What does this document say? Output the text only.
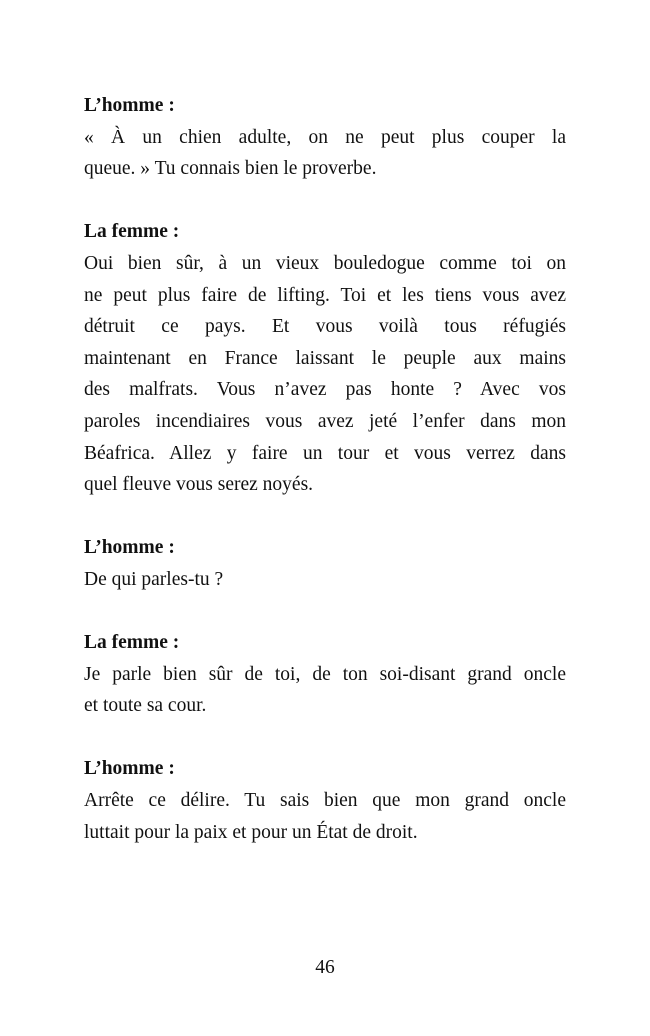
L’homme :
« À un chien adulte, on ne peut plus couper la
queue. » Tu connais bien le proverbe.
La femme :
Oui bien sûr, à un vieux bouledogue comme toi on
ne peut plus faire de lifting. Toi et les tiens vous avez
détruit ce pays. Et vous voilà tous réfugiés
maintenant en France laissant le peuple aux mains
des malfrats. Vous n’avez pas honte ? Avec vos
paroles incendiaires vous avez jeté l’enfer dans mon
Béafrica. Allez y faire un tour et vous verrez dans
quel fleuve vous serez noyés.
L’homme :
De qui parles-tu ?
La femme :
Je parle bien sûr de toi, de ton soi-disant grand oncle
et toute sa cour.
L’homme :
Arrête ce délire. Tu sais bien que mon grand oncle
luttait pour la paix et pour un État de droit.
46
